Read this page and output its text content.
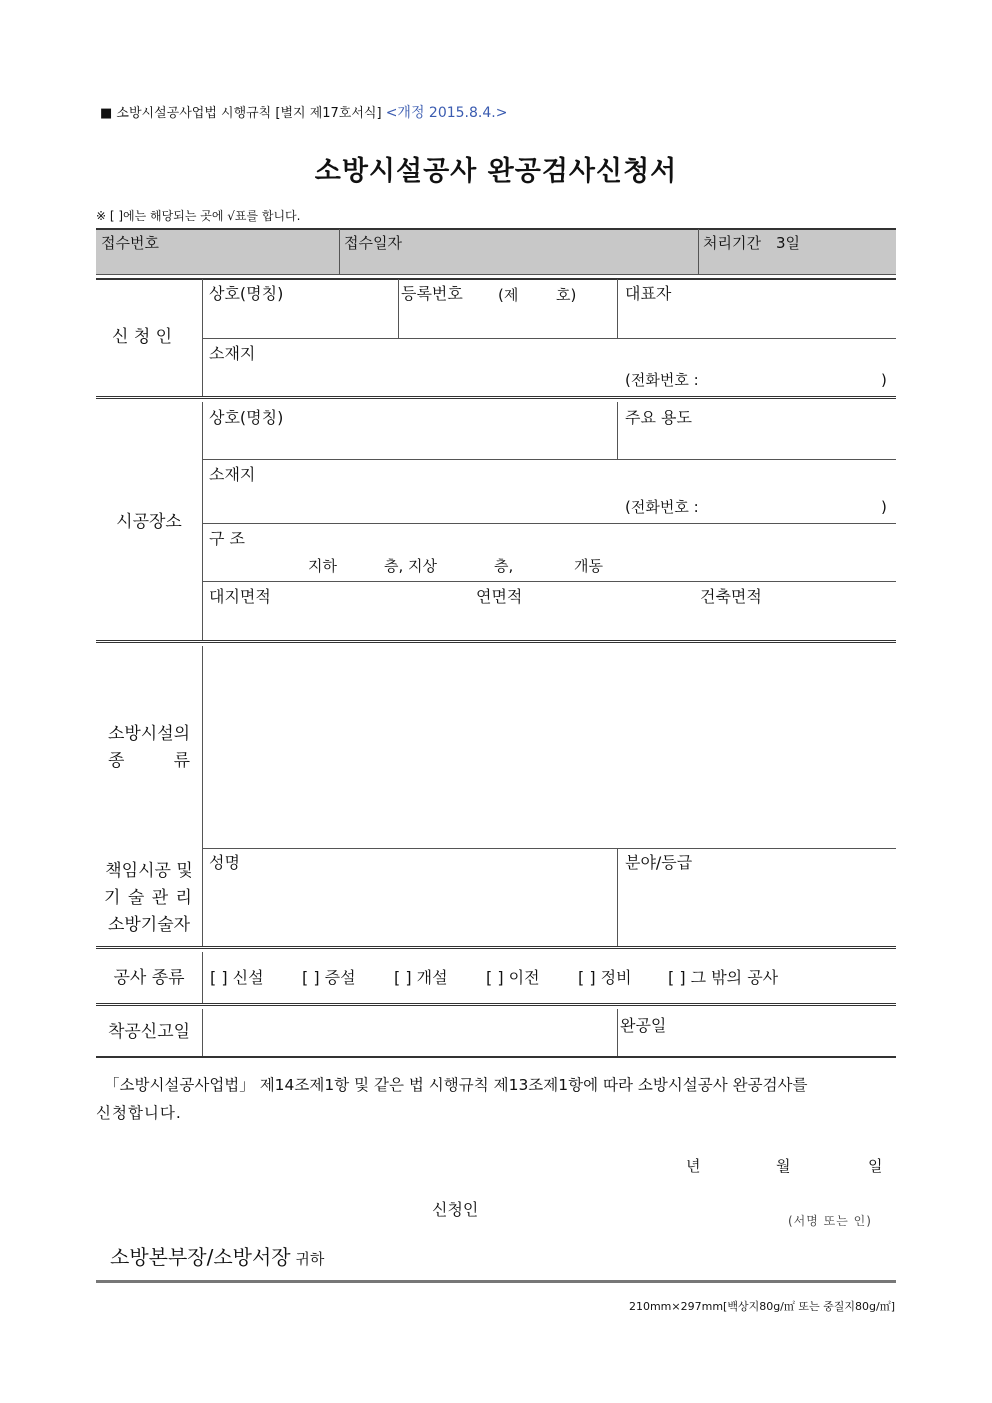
■ 소방시설공사업법 시행규칙 [별지 제17호서식] <개정 2015.8.4.>
소방시설공사 완공검사신청서
※ [ ]에는 해당되는 곳에 √표를 합니다.
접수번호	접수일자	처리기간 3일
신 청 인
상호(명칭)	등록번호 (제	호)	대표자
소재지
(전화번호 :	)
시공장소
상호(명칭)	주요 용도
소재지
(전화번호 :	)
구 조
지하	층, 지상	층,	개동
대지면적	연면적	건축면적
소방시설의
종	류
책임시공 및
기 술 관 리
소방기술자
성명	분야/등급
공사 종류	[ ] 신설 [ ] 증설 [ ] 개설 [ ] 이전 [ ] 정비 [ ] 그 밖의 공사
착공신고일	완공일
「소방시설공사업법」 제14조제1항 및 같은 법 시행규칙 제13조제1항에 따라 소방시설공사 완공검사를
신청합니다.
년	월	일
신청인
(서명 또는 인)
소방본부장/소방서장 귀하
210mm×297mm[백상지80g/㎡ 또는 중질지80g/㎡]
